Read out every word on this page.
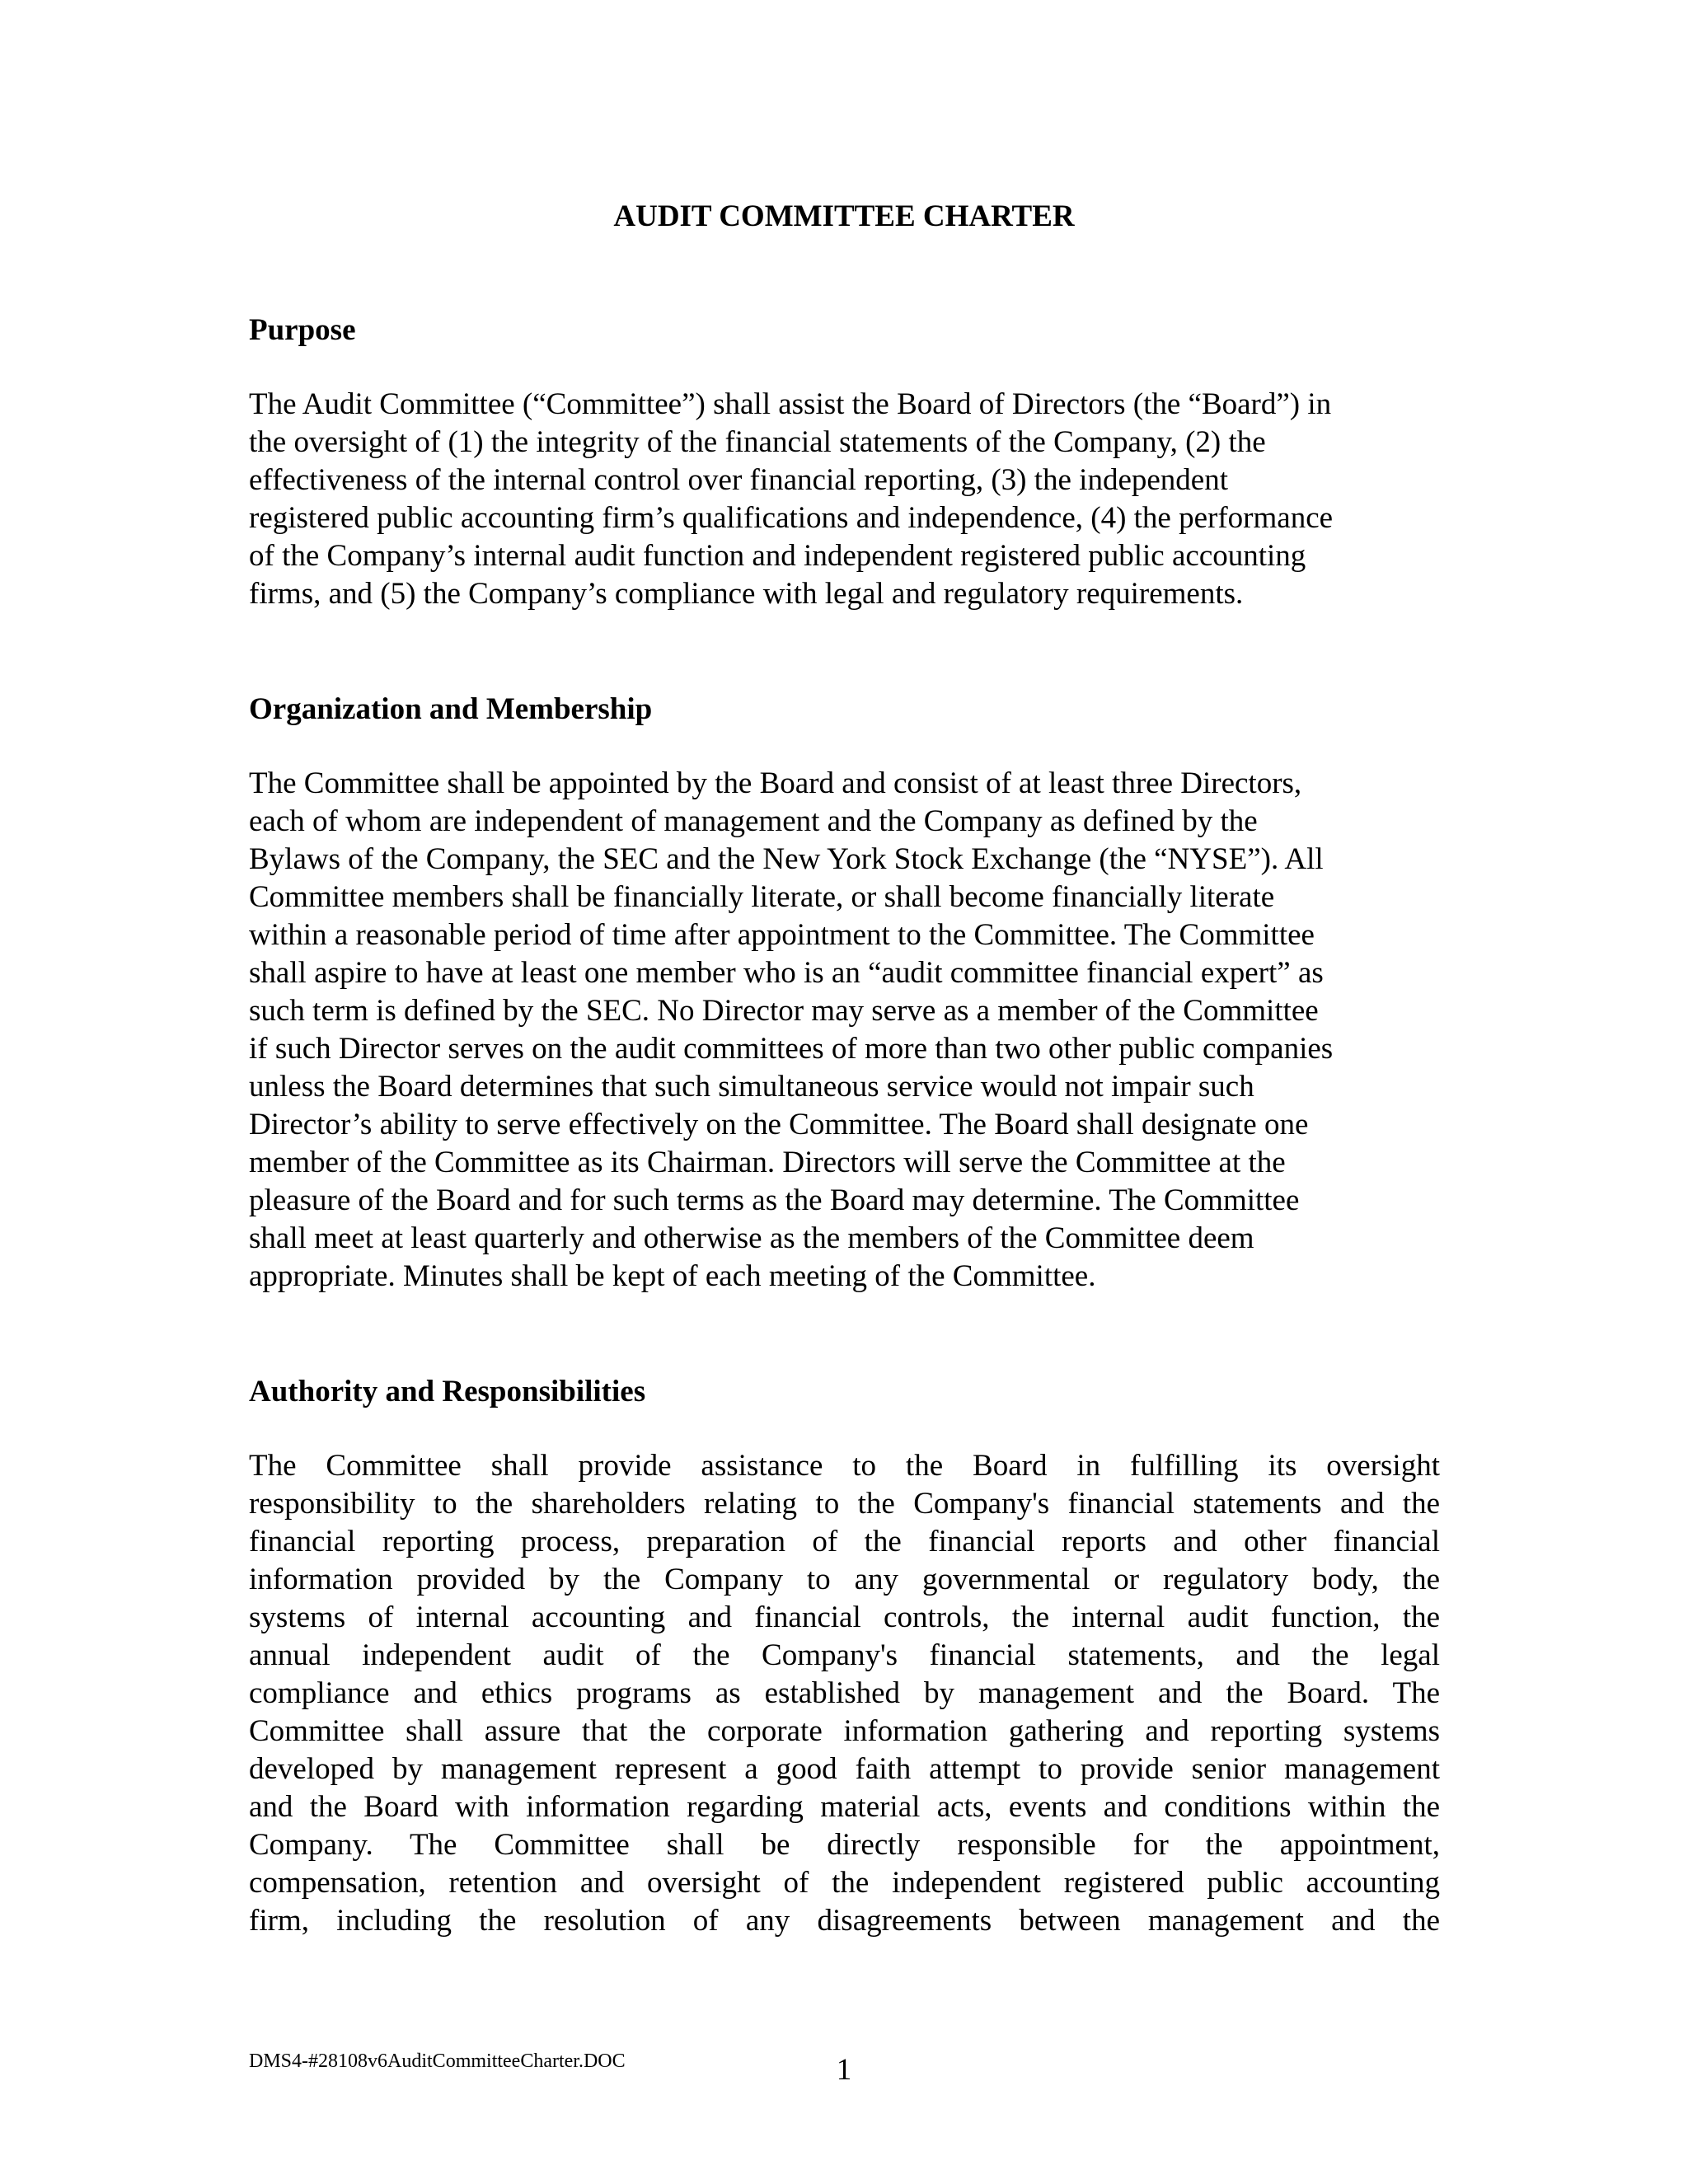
AUDIT COMMITTEE CHARTER
Purpose
The Audit Committee (“Committee”) shall assist the Board of Directors (the “Board”) in
the oversight of (1) the integrity of the financial statements of the Company, (2) the
effectiveness of the internal control over financial reporting, (3) the independent
registered public accounting firm’s qualifications and independence, (4) the performance
of the Company’s internal audit function and independent registered public accounting
firms, and (5) the Company’s compliance with legal and regulatory requirements.
Organization and Membership
The Committee shall be appointed by the Board and consist of at least three Directors,
each of whom are independent of management and the Company as defined by the
Bylaws of the Company, the SEC and the New York Stock Exchange (the “NYSE”). All
Committee members shall be financially literate, or shall become financially literate
within a reasonable period of time after appointment to the Committee. The Committee
shall aspire to have at least one member who is an “audit committee financial expert” as
such term is defined by the SEC. No Director may serve as a member of the Committee
if such Director serves on the audit committees of more than two other public companies
unless the Board determines that such simultaneous service would not impair such
Director’s ability to serve effectively on the Committee. The Board shall designate one
member of the Committee as its Chairman. Directors will serve the Committee at the
pleasure of the Board and for such terms as the Board may determine. The Committee
shall meet at least quarterly and otherwise as the members of the Committee deem
appropriate. Minutes shall be kept of each meeting of the Committee.
Authority and Responsibilities
The Committee shall provide assistance to the Board in fulfilling its oversight
responsibility to the shareholders relating to the Company's financial statements and the
financial reporting process, preparation of the financial reports and other financial
information provided by the Company to any governmental or regulatory body, the
systems of internal accounting and financial controls, the internal audit function, the
annual independent audit of the Company's financial statements, and the legal
compliance and ethics programs as established by management and the Board. The
Committee shall assure that the corporate information gathering and reporting systems
developed by management represent a good faith attempt to provide senior management
and the Board with information regarding material acts, events and conditions within the
Company. The Committee shall be directly responsible for the appointment,
compensation, retention and oversight of the independent registered public accounting
firm, including the resolution of any disagreements between management and the
DMS4-#28108v6AuditCommitteeCharter.DOC	1
